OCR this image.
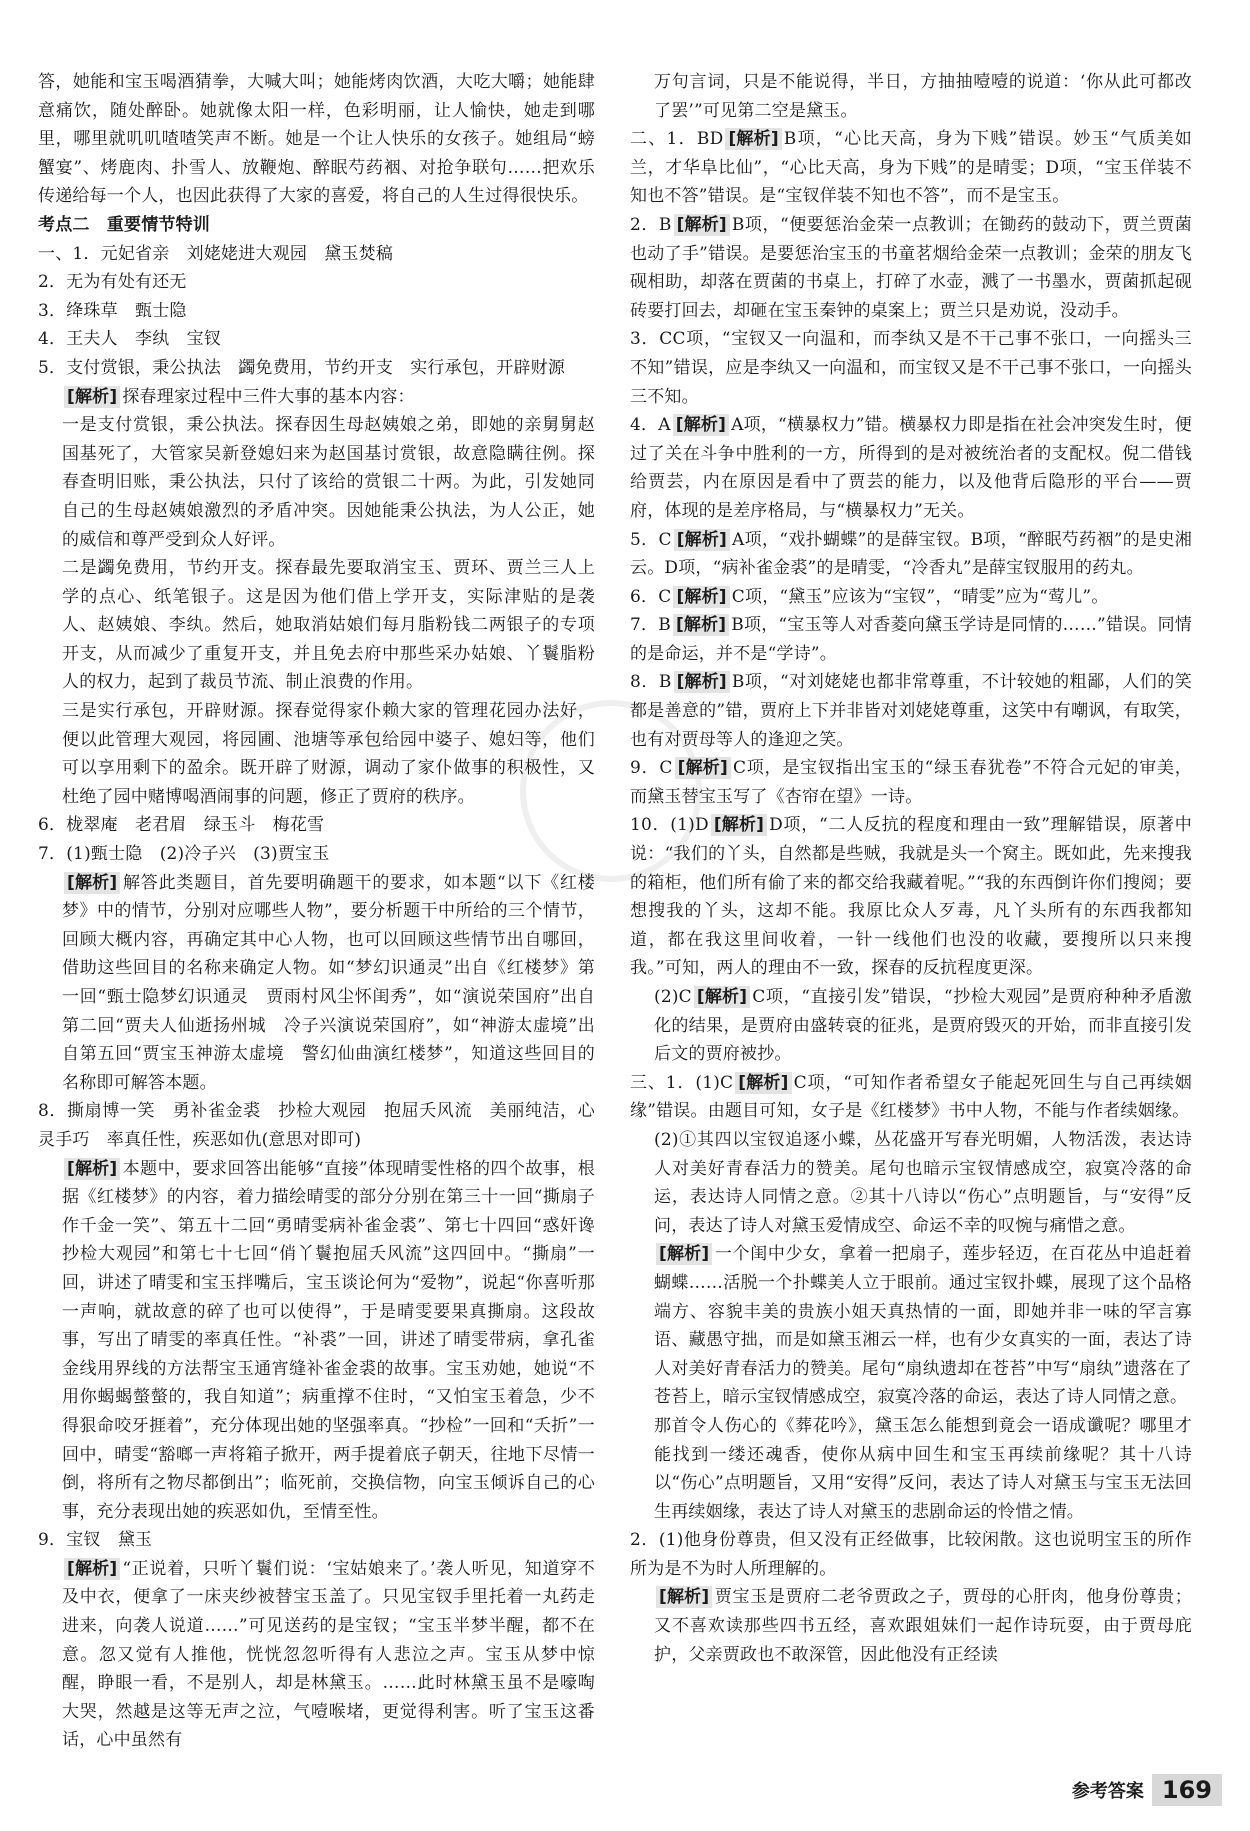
答，她能和宝玉喝酒猜拳，大喊大叫；她能烤肉饮酒，大吃大嚼；她能肆意痛饮，随处醉卧。她就像太阳一样，色彩明丽，让人愉快，她走到哪里，哪里就叽叽喳喳笑声不断。她是一个让人快乐的女孩子。她组局“螃蟹宴”、烤鹿肉、扑雪人、放鞭炮、醉眠芍药裀、对抢争联句……把欢乐传递给每一个人，也因此获得了大家的喜爱，将自己的人生过得很快乐。

考点二　重要情节特训

一、1．元妃省亲　刘姥姥进大观园　黛玉焚稿

2．无为有处有还无

3．绛珠草　甄士隐

4．王夫人　李纨　宝钗

5．支付赏银，秉公执法　蠲免费用，节约开支　实行承包，开辟财源

[解析] 探春理家过程中三件大事的基本内容：

一是支付赏银，秉公执法。探春因生母赵姨娘之弟，即她的亲舅舅赵国基死了，大管家吴新登媳妇来为赵国基讨赏银，故意隐瞒往例。探春查明旧账，秉公执法，只付了该给的赏银二十两。为此，引发她同自己的生母赵姨娘激烈的矛盾冲突。因她能秉公执法，为人公正，她的威信和尊严受到众人好评。

二是蠲免费用，节约开支。探春最先要取消宝玉、贾环、贾兰三人上学的点心、纸笔银子。这是因为他们借上学开支，实际津贴的是袭人、赵姨娘、李纨。然后，她取消姑娘们每月脂粉钱二两银子的专项开支，从而减少了重复开支，并且免去府中那些采办姑娘、丫鬟脂粉人的权力，起到了裁员节流、制止浪费的作用。

三是实行承包，开辟财源。探春觉得家仆赖大家的管理花园办法好，便以此管理大观园，将园圃、池塘等承包给园中婆子、媳妇等，他们可以享用剩下的盈余。既开辟了财源，调动了家仆做事的积极性，又杜绝了园中赌博喝酒闹事的问题，修正了贾府的秩序。

6．栊翠庵　老君眉　绿玉斗　梅花雪

7．(1)甄士隐　(2)冷子兴　(3)贾宝玉

[解析] 解答此类题目，首先要明确题干的要求，如本题“以下《红楼梦》中的情节，分别对应哪些人物”，要分析题干中所给的三个情节，回顾大概内容，再确定其中心人物，也可以回顾这些情节出自哪回，借助这些回目的名称来确定人物。如“梦幻识通灵”出自《红楼梦》第一回“甄士隐梦幻识通灵　贾雨村风尘怀闺秀”，如“演说荣国府”出自第二回“贾夫人仙逝扬州城　冷子兴演说荣国府”，如“神游太虚境”出自第五回“贾宝玉神游太虚境　警幻仙曲演红楼梦”，知道这些回目的名称即可解答本题。

8．撕扇博一笑　勇补雀金裘　抄检大观园　抱屈夭风流　美丽纯洁，心灵手巧　率真任性，疾恶如仇(意思对即可)

[解析] 本题中，要求回答出能够“直接”体现晴雯性格的四个故事，根据《红楼梦》的内容，着力描绘晴雯的部分分别在第三十一回“撕扇子作千金一笑”、第五十二回“勇晴雯病补雀金裘”、第七十四回“惑奸谗抄检大观园”和第七十七回“俏丫鬟抱屈夭风流”这四回中。“撕扇”一回，讲述了晴雯和宝玉拌嘴后，宝玉谈论何为“爱物”，说起“你喜听那一声响，就故意的碎了也可以使得”，于是晴雯要果真撕扇。这段故事，写出了晴雯的率真任性。“补裘”一回，讲述了晴雯带病，拿孔雀金线用界线的方法帮宝玉通宵缝补雀金裘的故事。宝玉劝她，她说“不用你蝎蝎螫螫的，我自知道”；病重撑不住时，“又怕宝玉着急，少不得狠命咬牙捱着”，充分体现出她的坚强率真。“抄检”一回和“夭折”一回中，晴雯“豁啷一声将箱子掀开，两手提着底子朝天，往地下尽情一倒，将所有之物尽都倒出”；临死前，交换信物，向宝玉倾诉自己的心事，充分表现出她的疾恶如仇，至情至性。

9．宝钗　黛玉

[解析] “正说着，只听丫鬟们说：‘宝姑娘来了。’袭人听见，知道穿不及中衣，便拿了一床夹纱被替宝玉盖了。只见宝钗手里托着一丸药走进来，向袭人说道……”可见送药的是宝钗；“宝玉半梦半醒，都不在意。忽又觉有人推他，恍恍忽忽听得有人悲泣之声。宝玉从梦中惊醒，睁眼一看，不是别人，却是林黛玉。……此时林黛玉虽不是嚎啕大哭，然越是这等无声之泣，气噎喉堵，更觉得利害。听了宝玉这番话，心中虽然有

万句言词，只是不能说得，半日，方抽抽噎噎的说道：‘你从此可都改了罢’”可见第二空是黛玉。

二、1．BD [解析] B项，“心比天高，身为下贱”错误。妙玉“气质美如兰，才华阜比仙”，“心比天高，身为下贱”的是晴雯；D项，“宝玉佯装不知也不答”错误。是“宝钗佯装不知也不答”，而不是宝玉。

2．B [解析] B项，“便要惩治金荣一点教训；在锄药的鼓动下，贾兰贾菌也动了手”错误。是要惩治宝玉的书童茗烟给金荣一点教训；金荣的朋友飞砚相助，却落在贾菌的书桌上，打碎了水壶，溅了一书墨水，贾菌抓起砚砖要打回去，却砸在宝玉秦钟的桌案上；贾兰只是劝说，没动手。

3．CC项，“宝钗又一向温和，而李纨又是不干己事不张口，一向摇头三不知”错误，应是李纨又一向温和，而宝钗又是不干己事不张口，一向摇头三不知。

4．A [解析] A项，“横暴权力”错。横暴权力即是指在社会冲突发生时，便过了关在斗争中胜利的一方，所得到的是对被统治者的支配权。倪二借钱给贾芸，内在原因是看中了贾芸的能力，以及他背后隐形的平台——贾府，体现的是差序格局，与“横暴权力”无关。

5．C [解析] A项，“戏扑蝴蝶”的是薛宝钗。B项，“醉眠芍药裀”的是史湘云。D项，“病补雀金裘”的是晴雯，“冷香丸”是薛宝钗服用的药丸。

6．C [解析] C项，“黛玉”应该为“宝钗”，“晴雯”应为“莺儿”。

7．B [解析] B项，“宝玉等人对香菱向黛玉学诗是同情的……”错误。同情的是命运，并不是“学诗”。

8．B [解析] B项，“对刘姥姥也都非常尊重，不计较她的粗鄙，人们的笑都是善意的”错，贾府上下并非皆对刘姥姥尊重，这笑中有嘲讽，有取笑，也有对贾母等人的逢迎之笑。

9．C [解析] C项，是宝钗指出宝玉的“绿玉春犹卷”不符合元妃的审美，而黛玉替宝玉写了《杏帘在望》一诗。

10．(1)D [解析] D项，“二人反抗的程度和理由一致”理解错误，原著中说：“我们的丫头，自然都是些贼，我就是头一个窝主。既如此，先来搜我的箱柜，他们所有偷了来的都交给我藏着呢。”“我的东西倒许你们搜阅；要想搜我的丫头，这却不能。我原比众人歹毒，凡丫头所有的东西我都知道，都在我这里间收着，一针一线他们也没的收藏，要搜所以只来搜我。”可知，两人的理由不一致，探春的反抗程度更深。

(2)C [解析] C项，“直接引发”错误，“抄检大观园”是贾府种种矛盾激化的结果，是贾府由盛转衰的征兆，是贾府毁灭的开始，而非直接引发后文的贾府被抄。

三、1．(1)C [解析] C项，“可知作者希望女子能起死回生与自己再续姻缘”错误。由题目可知，女子是《红楼梦》书中人物，不能与作者续姻缘。

(2)①其四以宝钗追逐小蝶，丛花盛开写春光明媚，人物活泼，表达诗人对美好青春活力的赞美。尾句也暗示宝钗情感成空，寂寞冷落的命运，表达诗人同情之意。②其十八诗以“伤心”点明题旨，与“安得”反问，表达了诗人对黛玉爱情成空、命运不幸的叹惋与痛惜之意。

[解析] 一个闺中少女，拿着一把扇子，莲步轻迈，在百花丛中追赶着蝴蝶……活脱一个扑蝶美人立于眼前。通过宝钗扑蝶，展现了这个品格端方、容貌丰美的贵族小姐天真热情的一面，即她并非一味的罕言寡语、藏愚守拙，而是如黛玉湘云一样，也有少女真实的一面，表达了诗人对美好青春活力的赞美。尾句“扇纨遗却在苍苔”中写“扇纨”遗落在了苍苔上，暗示宝钗情感成空，寂寞冷落的命运，表达了诗人同情之意。

那首令人伤心的《葬花吟》，黛玉怎么能想到竟会一语成谶呢？哪里才能找到一缕还魂香，使你从病中回生和宝玉再续前缘呢？其十八诗以“伤心”点明题旨，又用“安得”反问，表达了诗人对黛玉与宝玉无法回生再续姻缘，表达了诗人对黛玉的悲剧命运的怜惜之情。

2．(1)他身份尊贵，但又没有正经做事，比较闲散。这也说明宝玉的所作所为是不为时人所理解的。

[解析] 贾宝玉是贾府二老爷贾政之子，贾母的心肝肉，他身份尊贵；又不喜欢读那些四书五经，喜欢跟姐妹们一起作诗玩耍，由于贾母庇护，父亲贾政也不敢深管，因此他没有正经读

参考答案 169
